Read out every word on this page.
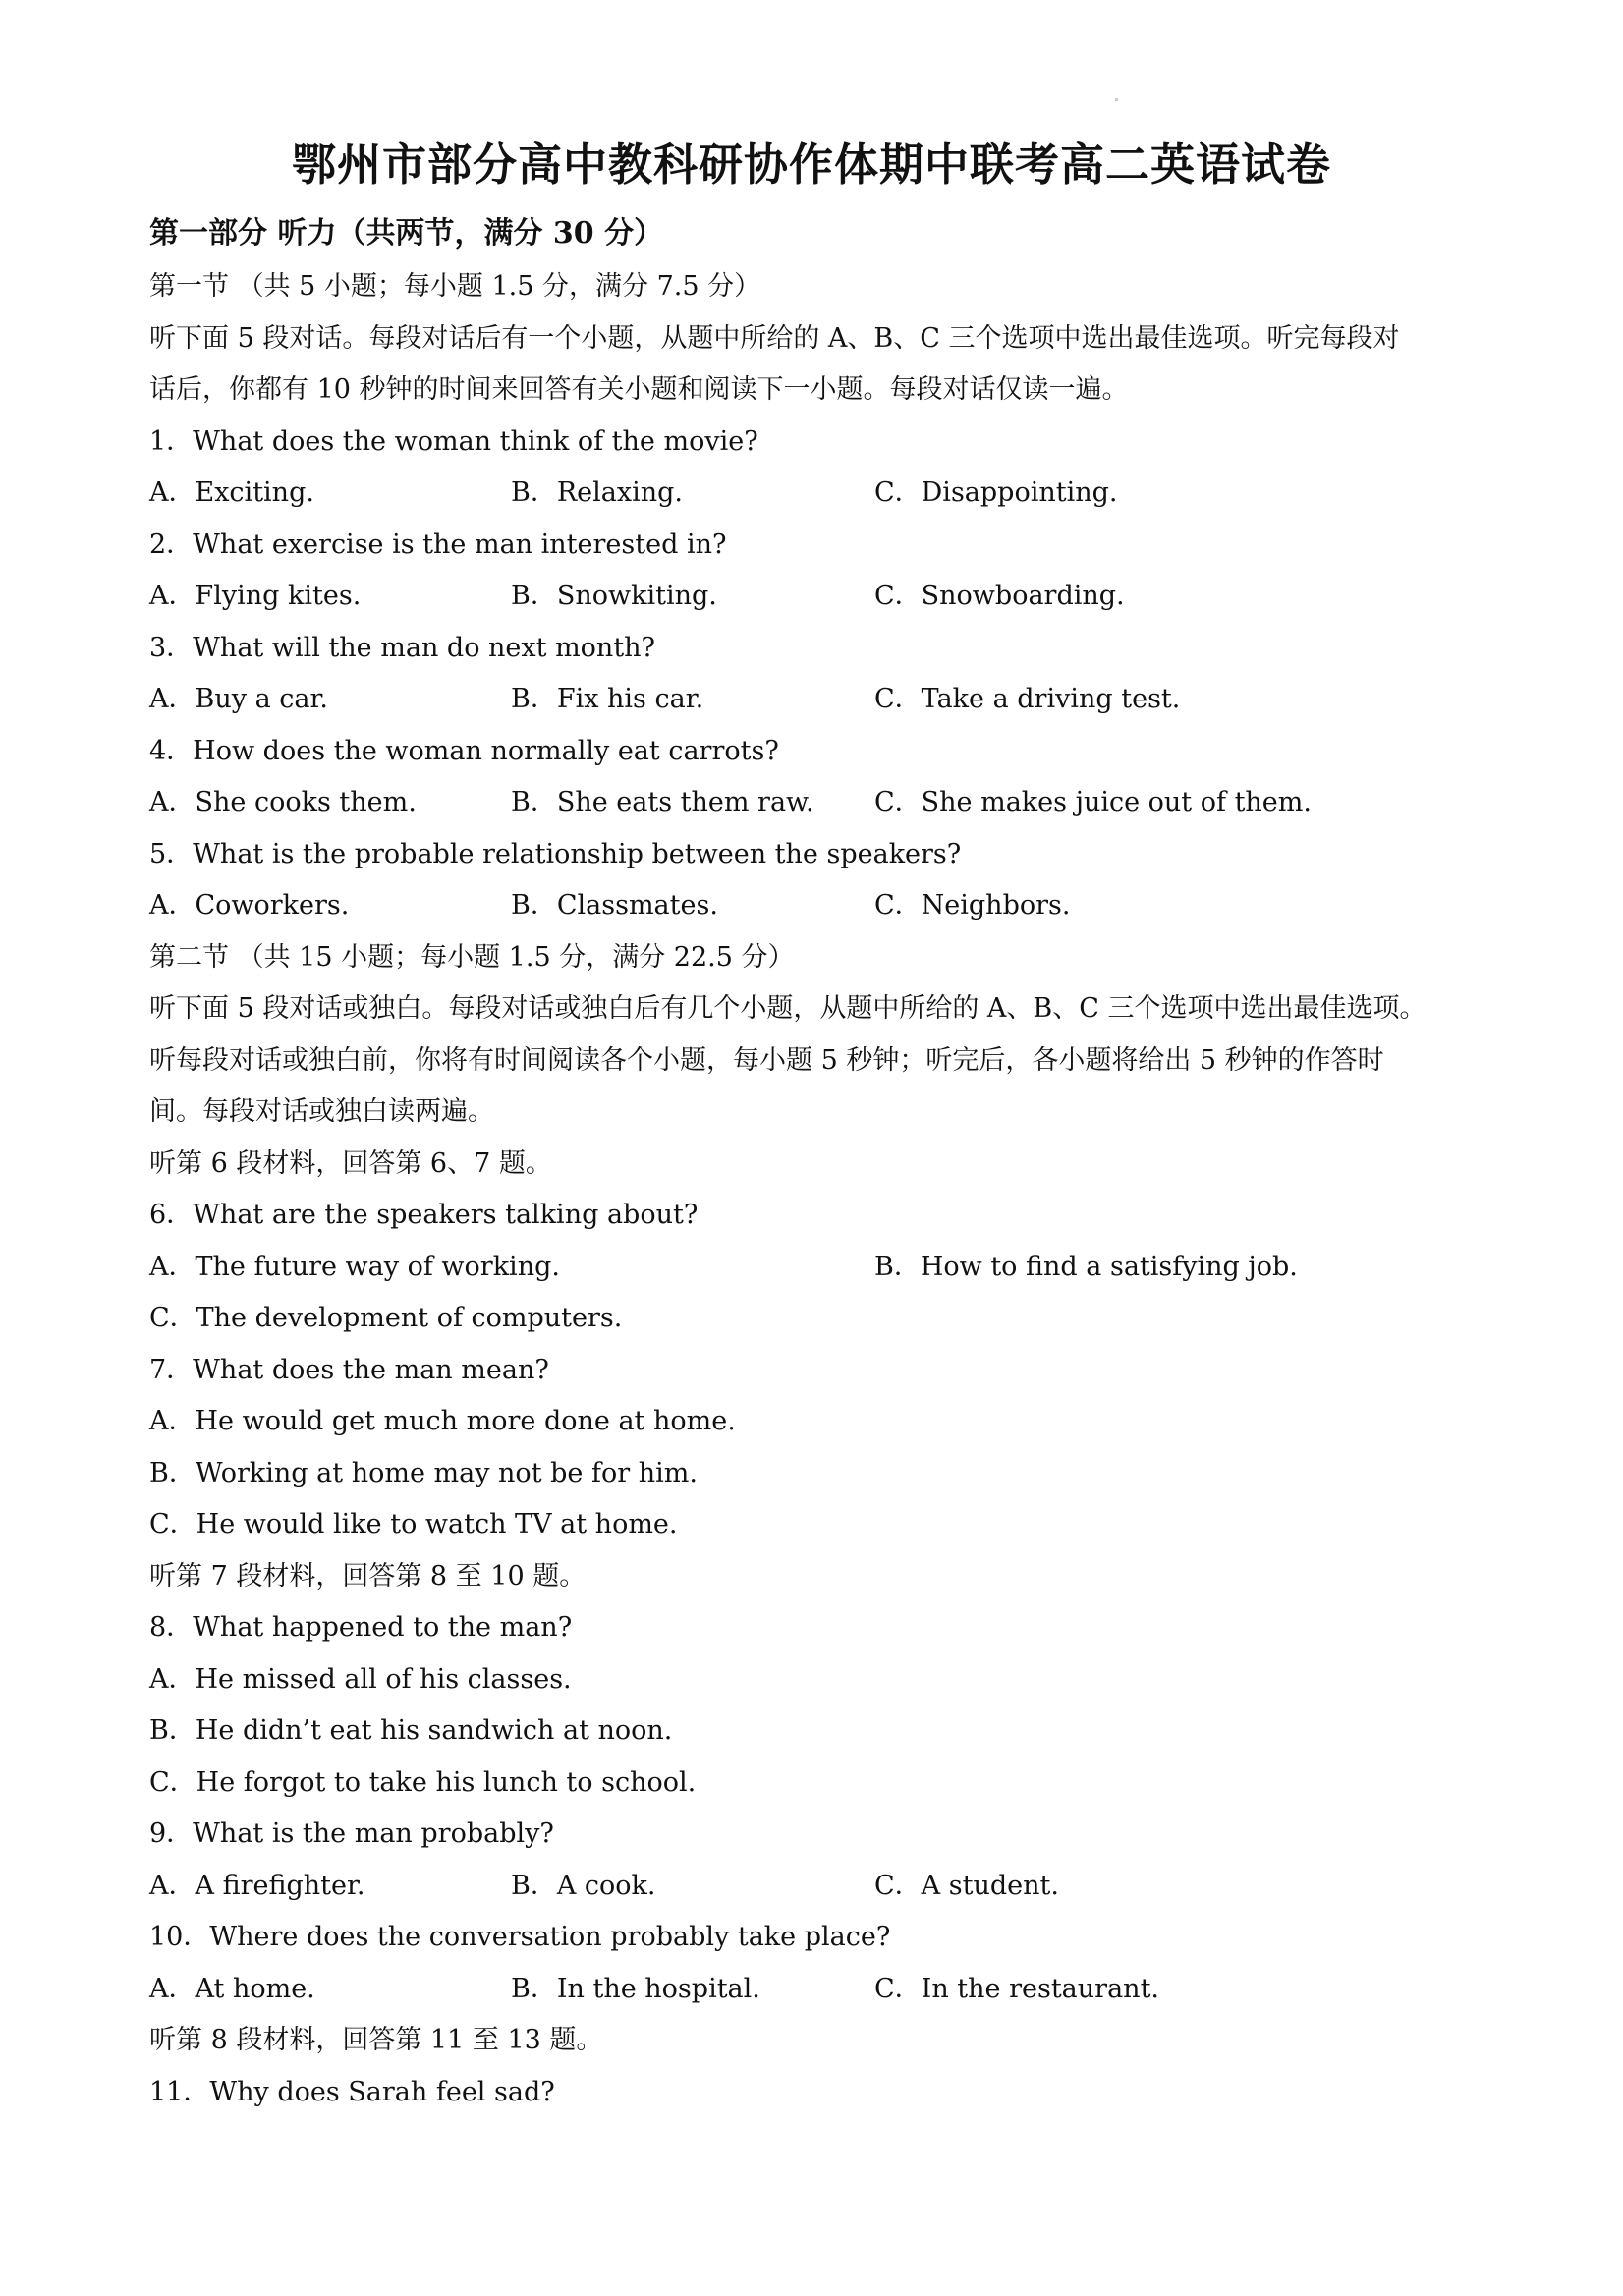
鄂州市部分高中教科研协作体期中联考高二英语试卷
第一部分 听力（共两节，满分 30 分）
第一节 （共 5 小题；每小题 1.5 分，满分 7.5 分）
听下面 5 段对话。每段对话后有一个小题，从题中所给的 A、B、C 三个选项中选出最佳选项。听完每段对
话后，你都有 10 秒钟的时间来回答有关小题和阅读下一小题。每段对话仅读一遍。
1．What does the woman think of the movie?
A．Exciting.	B．Relaxing.	C．Disappointing.
2．What exercise is the man interested in?
A．Flying kites.	B．Snowkiting.	C．Snowboarding.
3．What will the man do next month?
A．Buy a car.	B．Fix his car.	C．Take a driving test.
4．How does the woman normally eat carrots?
A．She cooks them.	B．She eats them raw. C．She makes juice out of them.
5．What is the probable relationship between the speakers?
A．Coworkers.	B．Classmates.	C．Neighbors.
第二节 （共 15 小题；每小题 1.5 分，满分 22.5 分）
听下面 5 段对话或独白。每段对话或独白后有几个小题，从题中所给的 A、B、C 三个选项中选出最佳选项。
听每段对话或独白前，你将有时间阅读各个小题，每小题 5 秒钟；听完后，各小题将给出 5 秒钟的作答时
间。每段对话或独白读两遍。
听第 6 段材料，回答第 6、7 题。
6．What are the speakers talking about?
A．The future way of working.	B．How to find a satisfying job.
C．The development of computers.
7．What does the man mean?
A．He would get much more done at home.
B．Working at home may not be for him.
C．He would like to watch TV at home.
听第 7 段材料，回答第 8 至 10 题。
8．What happened to the man?
A．He missed all of his classes.
B．He didn’t eat his sandwich at noon.
C．He forgot to take his lunch to school.
9．What is the man probably?
A．A firefighter.	B．A cook.	C．A student.
10．Where does the conversation probably take place?
A．At home.	B．In the hospital.	C．In the restaurant.
听第 8 段材料，回答第 11 至 13 题。
11．Why does Sarah feel sad?
